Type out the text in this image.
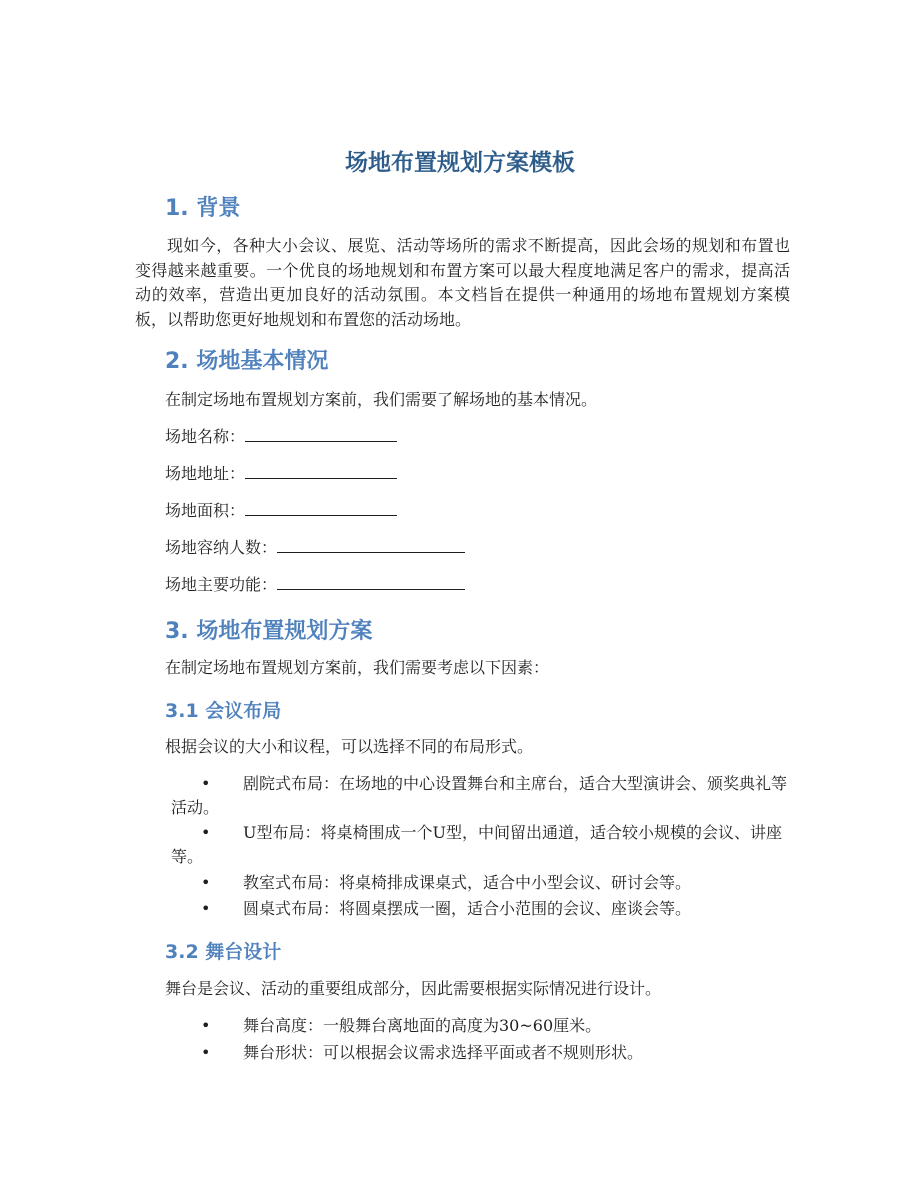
场地布置规划方案模板
1. 背景

现如今，各种大小会议、展览、活动等场所的需求不断提高，因此会场的规划和布置也变得越来越重要。一个优良的场地规划和布置方案可以最大程度地满足客户的需求，提高活动的效率，营造出更加良好的活动氛围。本文档旨在提供一种通用的场地布置规划方案模板，以帮助您更好地规划和布置您的活动场地。

2. 场地基本情况

在制定场地布置规划方案前，我们需要了解场地的基本情况。

场地名称：

场地地址：

场地面积：

场地容纳人数：

场地主要功能：

3. 场地布置规划方案

在制定场地布置规划方案前，我们需要考虑以下因素：

3.1 会议布局

根据会议的大小和议程，可以选择不同的布局形式。

•	剧院式布局：在场地的中心设置舞台和主席台，适合大型演讲会、颁奖典礼等活动。
•	U型布局：将桌椅围成一个U型，中间留出通道，适合较小规模的会议、讲座等。
•	教室式布局：将桌椅排成课桌式，适合中小型会议、研讨会等。
•	圆桌式布局：将圆桌摆成一圈，适合小范围的会议、座谈会等。
3.2 舞台设计

舞台是会议、活动的重要组成部分，因此需要根据实际情况进行设计。

•	舞台高度：一般舞台离地面的高度为30~60厘米。
•	舞台形状：可以根据会议需求选择平面或者不规则形状。
